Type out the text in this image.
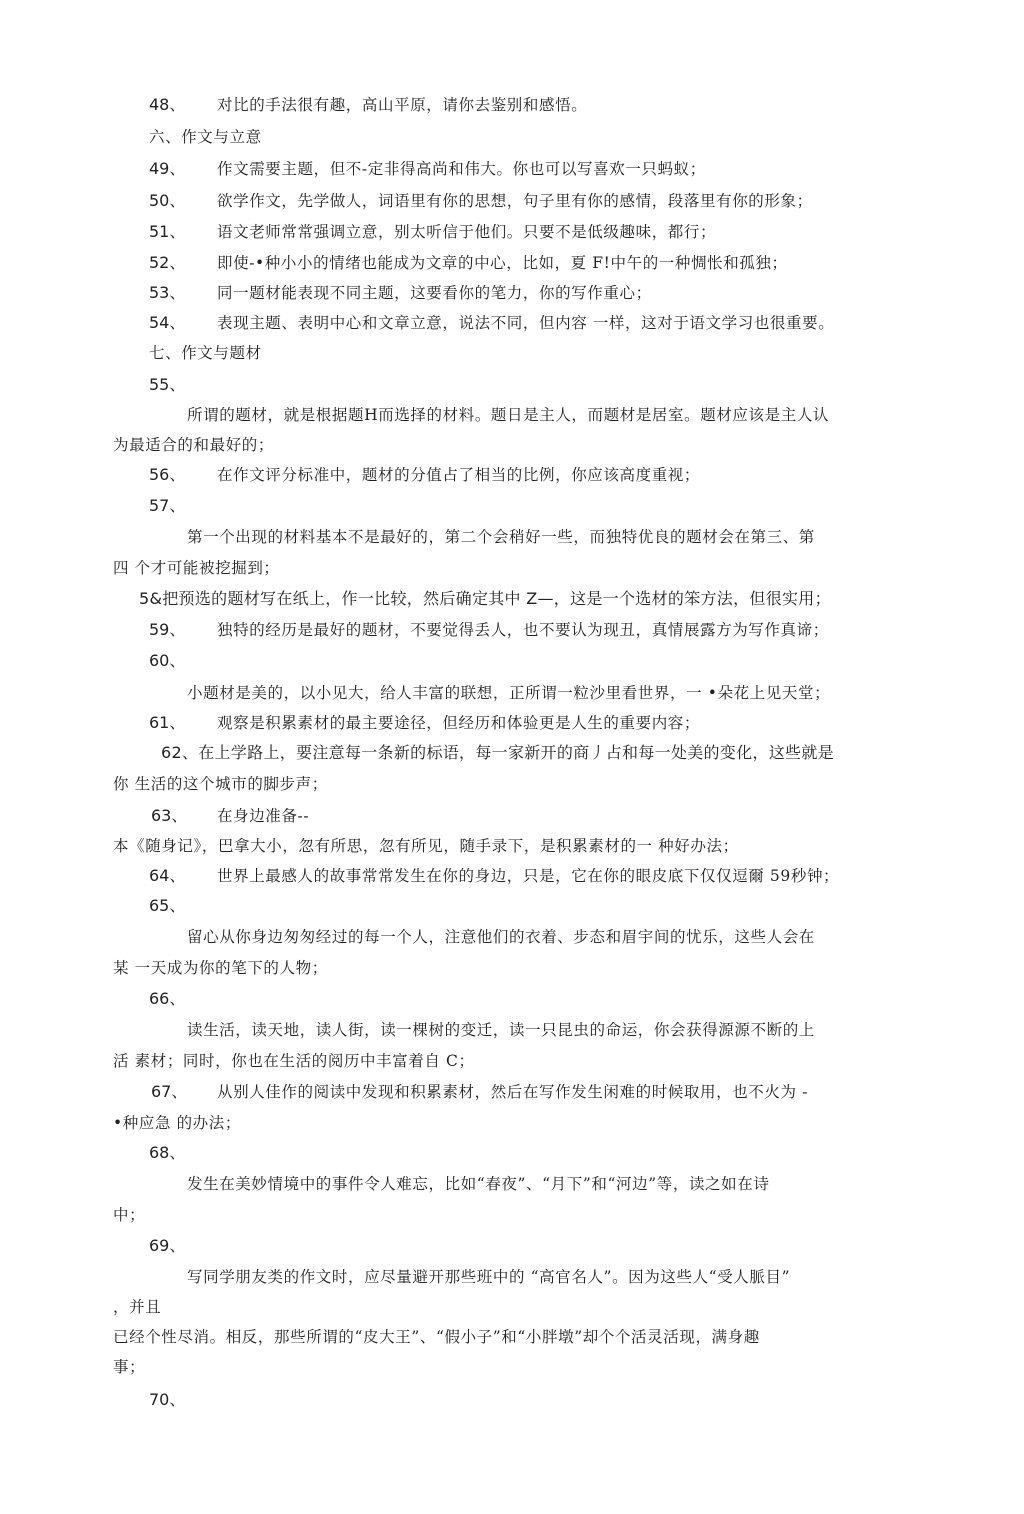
48、 对比的手法很有趣，高山平原，请你去鉴别和感悟。
六、作文与立意
49、 作文需要主题，但不-定非得高尚和伟大。你也可以写喜欢一只蚂蚁；
50、 欲学作文，先学做人，词语里有你的思想，句子里有你的感情，段落里有你的形象；
51、 语文老师常常强调立意，别太听信于他们。只要不是低级趣味，都行；
52、 即使-•种小小的情绪也能成为文章的中心，比如，夏 F!中午的一种惆怅和孤独；
53、 同一题材能表现不同主题，这要看你的笔力，你的写作重心；
54、 表现主题、表明中心和文章立意，说法不同，但内容 一样，这对于语文学习也很重要。
七、作文与题材
55、
所谓的题材，就是根据题H而选择的材料。题日是主人，而题材是居室。题材应该是主人认
为最适合的和最好的；
56、 在作文评分标准中，题材的分值占了相当的比例，你应该高度重视；
57、
第一个出现的材料基本不是最好的，第二个会稍好一些，而独特优良的题材会在第三、第
四 个才可能被挖掘到；
5&把预选的题材写在纸上，作一比较，然后确定其中 Z—，这是一个选材的笨方法，但很实用；
59、 独特的经历是最好的题材，不要觉得丢人，也不要认为现丑，真情展露方为写作真谛；
60、
小题材是美的，以小见大，给人丰富的联想，正所谓一粒沙里看世界，一 •朵花上见天堂；
61、 观察是积累素材的最主要途径，但经历和体验更是人生的重要内容；
62、在上学路上，要注意每一条新的标语，每一家新开的商丿占和每一处美的变化，这些就是
你 生活的这个城市的脚步声；
63、 在身边准备--
本《随身记》，巴拿大小，忽有所思，忽有所见，随手录下，是积累素材的一 种好办法；
64、 世界上最感人的故事常常发生在你的身边，只是，它在你的眼皮底下仅仅逗爾 59秒钟；
65、
留心从你身边匆匆经过的每一个人，注意他们的衣着、步态和眉宇间的忧乐，这些人会在
某 一天成为你的笔下的人物；
66、
读生活，读天地，读人街，读一棵树的变迁，读一只昆虫的命运，你会获得源源不断的上
活 素材；同时，你也在生活的阅历中丰富着自 C；
67、 从别人佳作的阅读中发现和积累素材，然后在写作发生闲难的时候取用，也不火为 -
•种应急 的办法；
68、
发生在美妙情境中的事件令人难忘，比如“春夜”、“月下”和“河边”等，读之如在诗
中；
69、
写同学朋友类的作文时，应尽量避开那些班中的 “高官名人”。因为这些人“受人脈目”
，并且
已经个性尽消。相反，那些所谓的“皮大王”、“假小子”和“小胖墩”却个个活灵活现，满身趣
事；
70、
